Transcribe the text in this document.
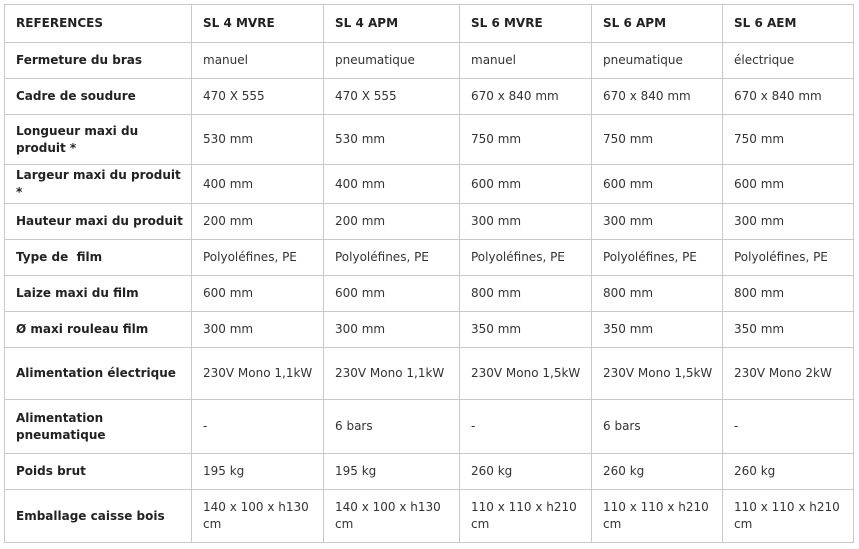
REFERENCES	SL 4 MVRE	SL 4 APM	SL 6 MVRE	SL 6 APM	SL 6 AEM
Fermeture du bras	manuel	pneumatique	manuel	pneumatique	électrique
Cadre de soudure	470 X 555	470 X 555	670 x 840 mm	670 x 840 mm	670 x 840 mm
Longueur maxi du produit *	530 mm	530 mm	750 mm	750 mm	750 mm
Largeur maxi du produit *	400 mm	400 mm	600 mm	600 mm	600 mm
Hauteur maxi du produit	200 mm	200 mm	300 mm	300 mm	300 mm
Type de  film	Polyoléfines, PE	Polyoléfines, PE	Polyoléfines, PE	Polyoléfines, PE	Polyoléfines, PE
Laize maxi du film	600 mm	600 mm	800 mm	800 mm	800 mm
Ø maxi rouleau film	300 mm	300 mm	350 mm	350 mm	350 mm
Alimentation électrique	230V Mono 1,1kW	230V Mono 1,1kW	230V Mono 1,5kW	230V Mono 1,5kW	230V Mono 2kW
Alimentation pneumatique	-	6 bars	-	6 bars	-
Poids brut	195 kg	195 kg	260 kg	260 kg	260 kg
Emballage caisse bois	140 x 100 x h130 cm	140 x 100 x h130 cm	110 x 110 x h210 cm	110 x 110 x h210 cm	110 x 110 x h210 cm
